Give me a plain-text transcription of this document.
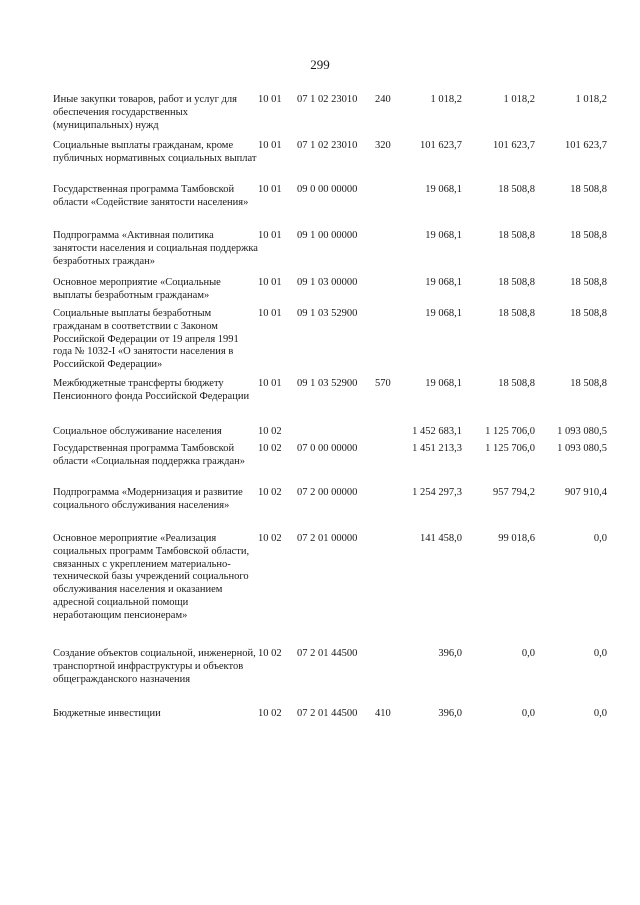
299
Иные закупки товаров, работ и услуг для обеспечения государственных (муниципальных) нужд
10 01	07 1 02 23010	240	1 018,2	1 018,2	1 018,2
Социальные выплаты гражданам, кроме публичных нормативных социальных выплат
10 01	07 1 02 23010	320	101 623,7	101 623,7	101 623,7
Государственная программа Тамбовской области «Содействие занятости населения»
10 01	09 0 00 00000	19 068,1	18 508,8	18 508,8
Подпрограмма «Активная политика занятости населения и социальная поддержка безработных граждан»
10 01	09 1 00 00000	19 068,1	18 508,8	18 508,8
Основное мероприятие «Социальные выплаты безработным гражданам»
10 01	09 1 03 00000	19 068,1	18 508,8	18 508,8
Социальные выплаты безработным гражданам в соответствии с Законом Российской Федерации от 19 апреля 1991 года № 1032-I «О занятости населения в Российской Федерации»
10 01	09 1 03 52900	19 068,1	18 508,8	18 508,8
Межбюджетные трансферты бюджету Пенсионного фонда Российской Федерации
10 01	09 1 03 52900	570	19 068,1	18 508,8	18 508,8
Социальное обслуживание населения	10 02	1 452 683,1	1 125 706,0	1 093 080,5
Государственная программа Тамбовской области «Социальная поддержка граждан»
10 02	07 0 00 00000	1 451 213,3	1 125 706,0	1 093 080,5
Подпрограмма «Модернизация и развитие социального обслуживания населения»
10 02	07 2 00 00000	1 254 297,3	957 794,2	907 910,4
Основное мероприятие «Реализация социальных программ Тамбовской области, связанных с укреплением материально-технической базы учреждений социального обслуживания населения и оказанием адресной социальной помощи неработающим пенсионерам»
10 02	07 2 01 00000	141 458,0	99 018,6	0,0
Создание объектов социальной, инженерной, транспортной инфраструктуры и объектов общегражданского назначения
10 02	07 2 01 44500	396,0	0,0	0,0
Бюджетные инвестиции	10 02	07 2 01 44500	410	396,0	0,0	0,0
